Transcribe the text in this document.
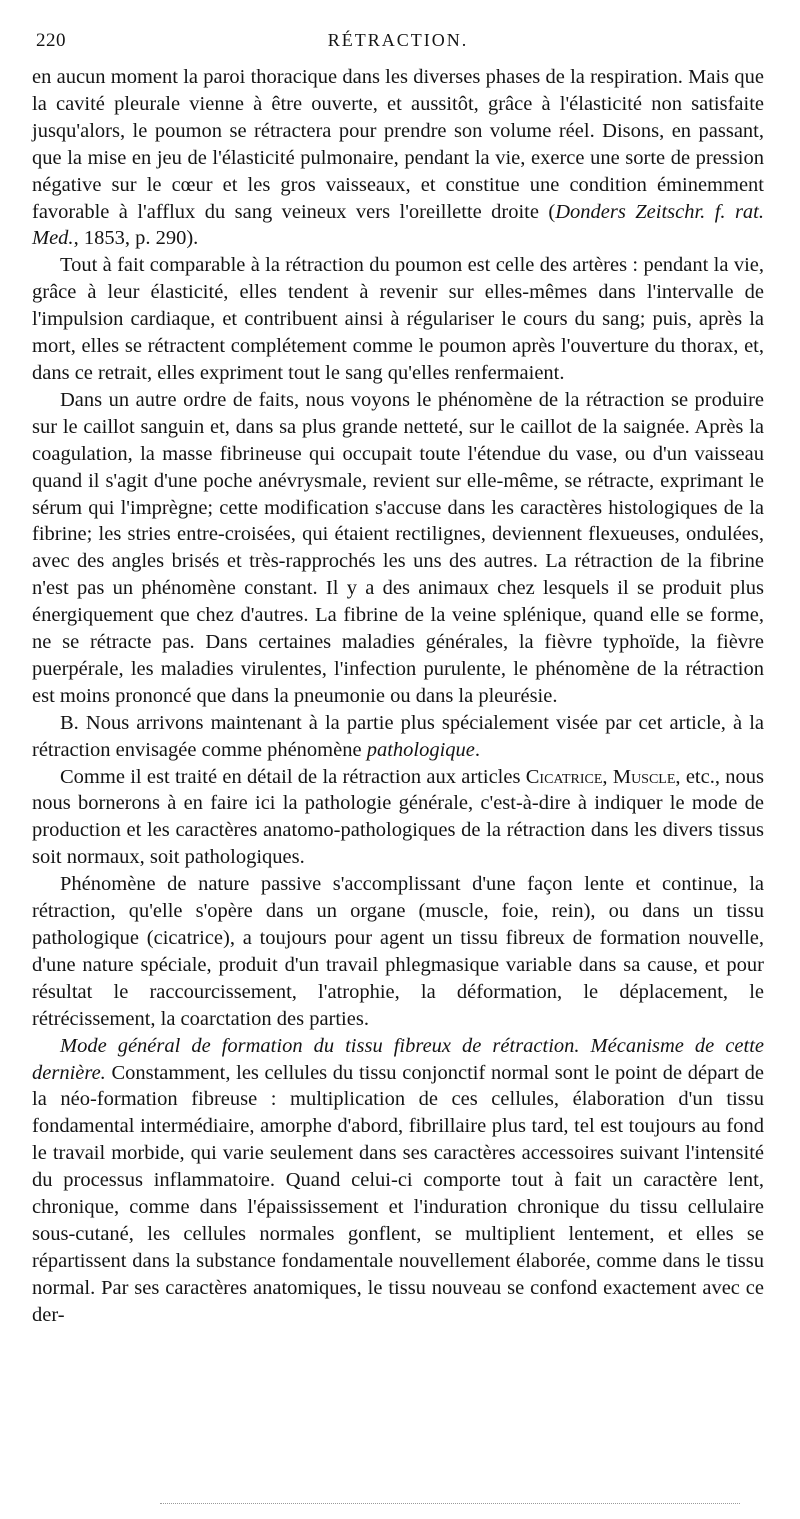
220	RÉTRACTION.

en aucun moment la paroi thoracique dans les diverses phases de la respiration. Mais que la cavité pleurale vienne à être ouverte, et aussitôt, grâce à l'élasticité non satisfaite jusqu'alors, le poumon se rétractera pour prendre son volume réel. Disons, en passant, que la mise en jeu de l'élasticité pulmonaire, pendant la vie, exerce une sorte de pression négative sur le cœur et les gros vaisseaux, et constitue une condition éminemment favorable à l'afflux du sang veineux vers l'oreillette droite (Donders Zeitschr. f. rat. Med., 1853, p. 290).

Tout à fait comparable à la rétraction du poumon est celle des artères : pendant la vie, grâce à leur élasticité, elles tendent à revenir sur elles-mêmes dans l'intervalle de l'impulsion cardiaque, et contribuent ainsi à régulariser le cours du sang; puis, après la mort, elles se rétractent complétement comme le poumon après l'ouverture du thorax, et, dans ce retrait, elles expriment tout le sang qu'elles renfermaient.

Dans un autre ordre de faits, nous voyons le phénomène de la rétraction se produire sur le caillot sanguin et, dans sa plus grande netteté, sur le caillot de la saignée. Après la coagulation, la masse fibrineuse qui occupait toute l'étendue du vase, ou d'un vaisseau quand il s'agit d'une poche anévrysmale, revient sur elle-même, se rétracte, exprimant le sérum qui l'imprègne; cette modification s'accuse dans les caractères histologiques de la fibrine; les stries entre-croisées, qui étaient rectilignes, deviennent flexueuses, ondulées, avec des angles brisés et très-rapprochés les uns des autres. La rétraction de la fibrine n'est pas un phénomène constant. Il y a des animaux chez lesquels il se produit plus énergiquement que chez d'autres. La fibrine de la veine splénique, quand elle se forme, ne se rétracte pas. Dans certaines maladies générales, la fièvre typhoïde, la fièvre puerpérale, les maladies virulentes, l'infection purulente, le phénomène de la rétraction est moins prononcé que dans la pneumonie ou dans la pleurésie.

B. Nous arrivons maintenant à la partie plus spécialement visée par cet article, à la rétraction envisagée comme phénomène pathologique.

Comme il est traité en détail de la rétraction aux articles Cicatrice, Muscle, etc., nous nous bornerons à en faire ici la pathologie générale, c'est-à-dire à indiquer le mode de production et les caractères anatomo-pathologiques de la rétraction dans les divers tissus soit normaux, soit pathologiques.

Phénomène de nature passive s'accomplissant d'une façon lente et continue, la rétraction, qu'elle s'opère dans un organe (muscle, foie, rein), ou dans un tissu pathologique (cicatrice), a toujours pour agent un tissu fibreux de formation nouvelle, d'une nature spéciale, produit d'un travail phlegmasique variable dans sa cause, et pour résultat le raccourcissement, l'atrophie, la déformation, le déplacement, le rétrécissement, la coarctation des parties.

Mode général de formation du tissu fibreux de rétraction. Mécanisme de cette dernière. Constamment, les cellules du tissu conjonctif normal sont le point de départ de la néo-formation fibreuse : multiplication de ces cellules, élaboration d'un tissu fondamental intermédiaire, amorphe d'abord, fibrillaire plus tard, tel est toujours au fond le travail morbide, qui varie seulement dans ses caractères accessoires suivant l'intensité du processus inflammatoire. Quand celui-ci comporte tout à fait un caractère lent, chronique, comme dans l'épaississement et l'induration chronique du tissu cellulaire sous-cutané, les cellules normales gonflent, se multiplient lentement, et elles se répartissent dans la substance fondamentale nouvellement élaborée, comme dans le tissu normal. Par ses caractères anatomiques, le tissu nouveau se confond exactement avec ce der-
